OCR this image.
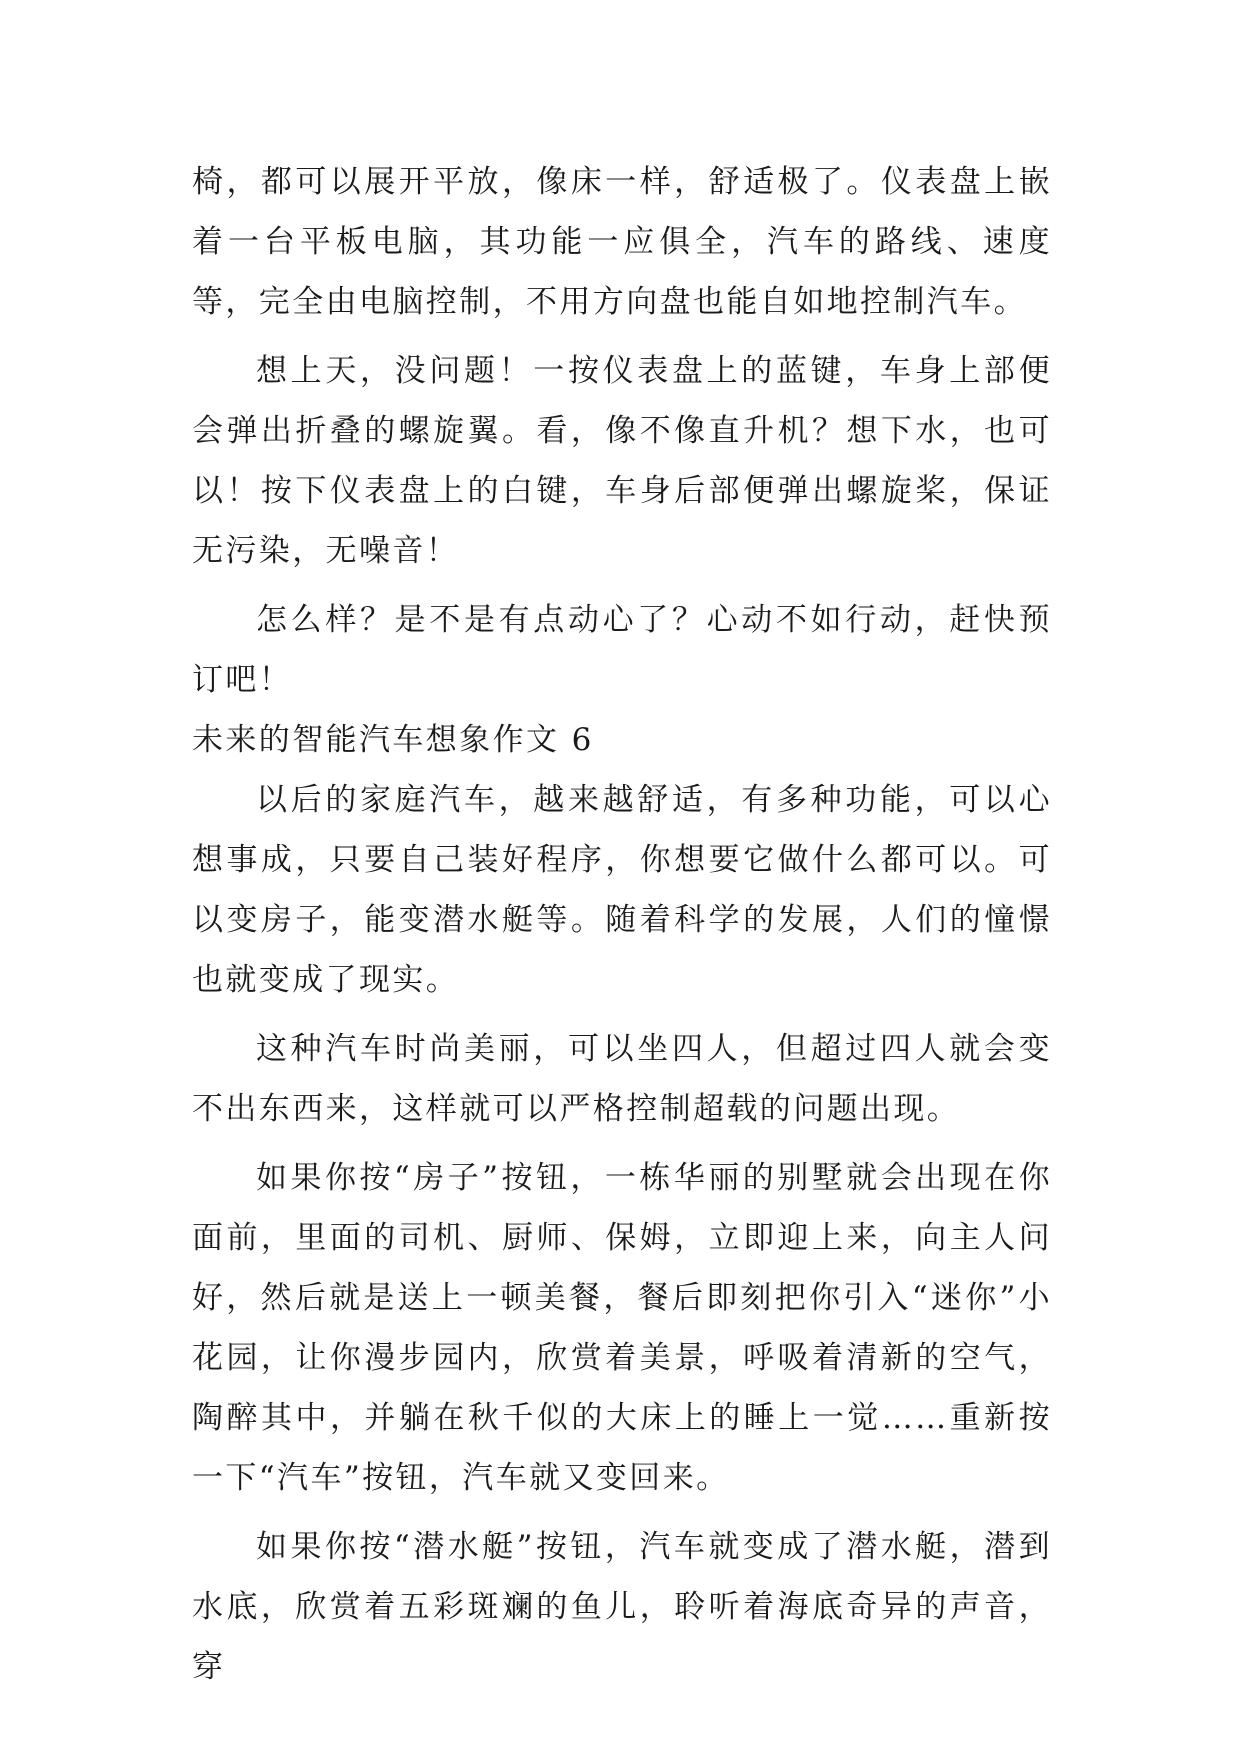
椅，都可以展开平放，像床一样，舒适极了。仪表盘上嵌着一台平板电脑，其功能一应俱全，汽车的路线、速度等，完全由电脑控制，不用方向盘也能自如地控制汽车。

想上天，没问题！一按仪表盘上的蓝键，车身上部便会弹出折叠的螺旋翼。看，像不像直升机？想下水，也可以！按下仪表盘上的白键，车身后部便弹出螺旋桨，保证无污染，无噪音！

怎么样？是不是有点动心了？心动不如行动，赶快预订吧！

未来的智能汽车想象作文 6

以后的家庭汽车，越来越舒适，有多种功能，可以心想事成，只要自己装好程序，你想要它做什么都可以。可以变房子，能变潜水艇等。随着科学的发展，人们的憧憬也就变成了现实。

这种汽车时尚美丽，可以坐四人，但超过四人就会变不出东西来，这样就可以严格控制超载的问题出现。

如果你按“房子”按钮，一栋华丽的别墅就会出现在你面前，里面的司机、厨师、保姆，立即迎上来，向主人问好，然后就是送上一顿美餐，餐后即刻把你引入“迷你”小花园，让你漫步园内，欣赏着美景，呼吸着清新的空气，陶醉其中，并躺在秋千似的大床上的睡上一觉……重新按一下“汽车”按钮，汽车就又变回来。

如果你按“潜水艇”按钮，汽车就变成了潜水艇，潜到水底，欣赏着五彩斑斓的鱼儿，聆听着海底奇异的声音，穿
